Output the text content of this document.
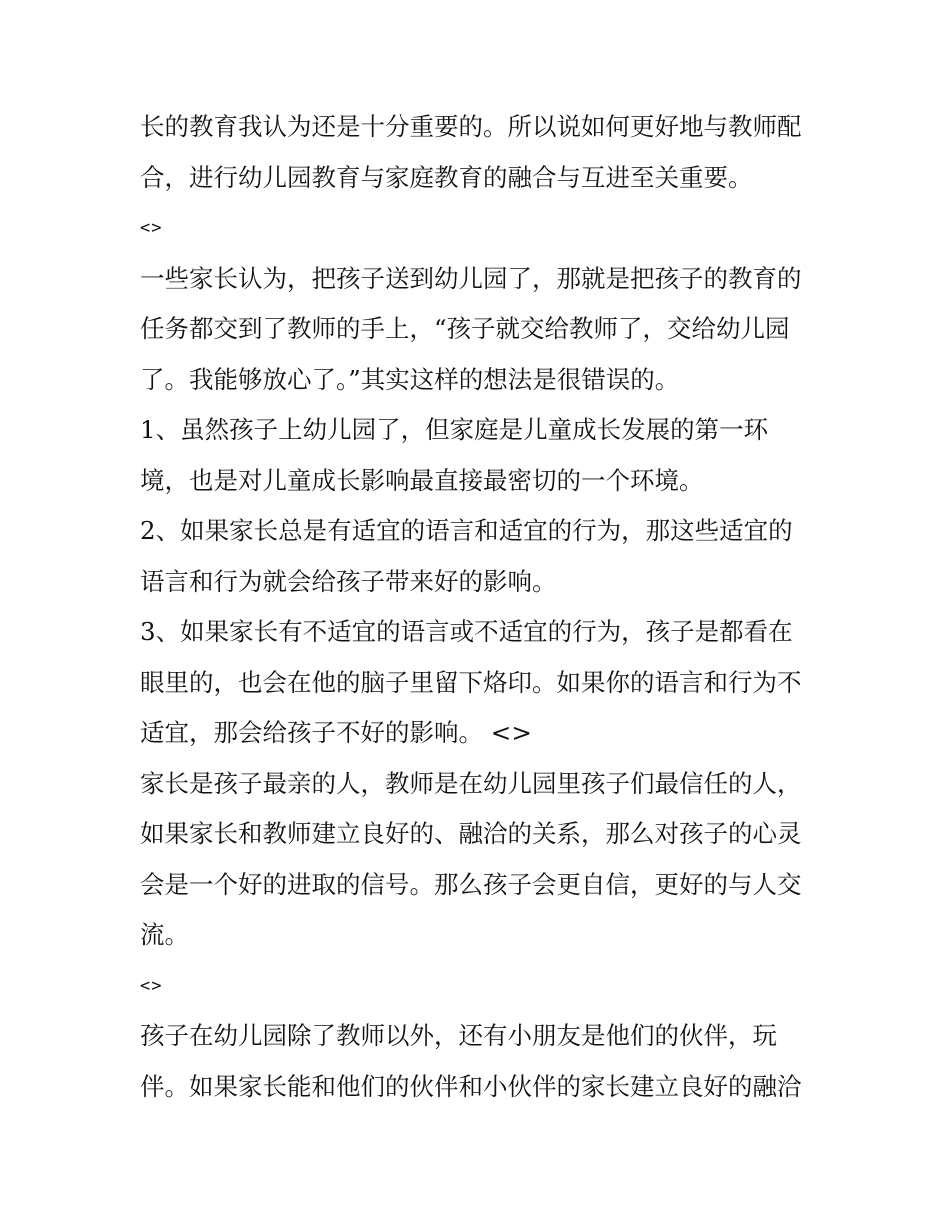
长的教育我认为还是十分重要的。所以说如何更好地与教师配
合，进行幼儿园教育与家庭教育的融合与互进至关重要。
<>
一些家长认为，把孩子送到幼儿园了，那就是把孩子的教育的
任务都交到了教师的手上，“孩子就交给教师了，交给幼儿园
了。我能够放心了。”其实这样的想法是很错误的。
1、虽然孩子上幼儿园了，但家庭是儿童成长发展的第一环
境，也是对儿童成长影响最直接最密切的一个环境。
2、如果家长总是有适宜的语言和适宜的行为，那这些适宜的
语言和行为就会给孩子带来好的影响。
3、如果家长有不适宜的语言或不适宜的行为，孩子是都看在
眼里的，也会在他的脑子里留下烙印。如果你的语言和行为不
适宜，那会给孩子不好的影响。 <>
家长是孩子最亲的人，教师是在幼儿园里孩子们最信任的人，
如果家长和教师建立良好的、融洽的关系，那么对孩子的心灵
会是一个好的进取的信号。那么孩子会更自信，更好的与人交
流。
<>
孩子在幼儿园除了教师以外，还有小朋友是他们的伙伴，玩
伴。如果家长能和他们的伙伴和小伙伴的家长建立良好的融洽
